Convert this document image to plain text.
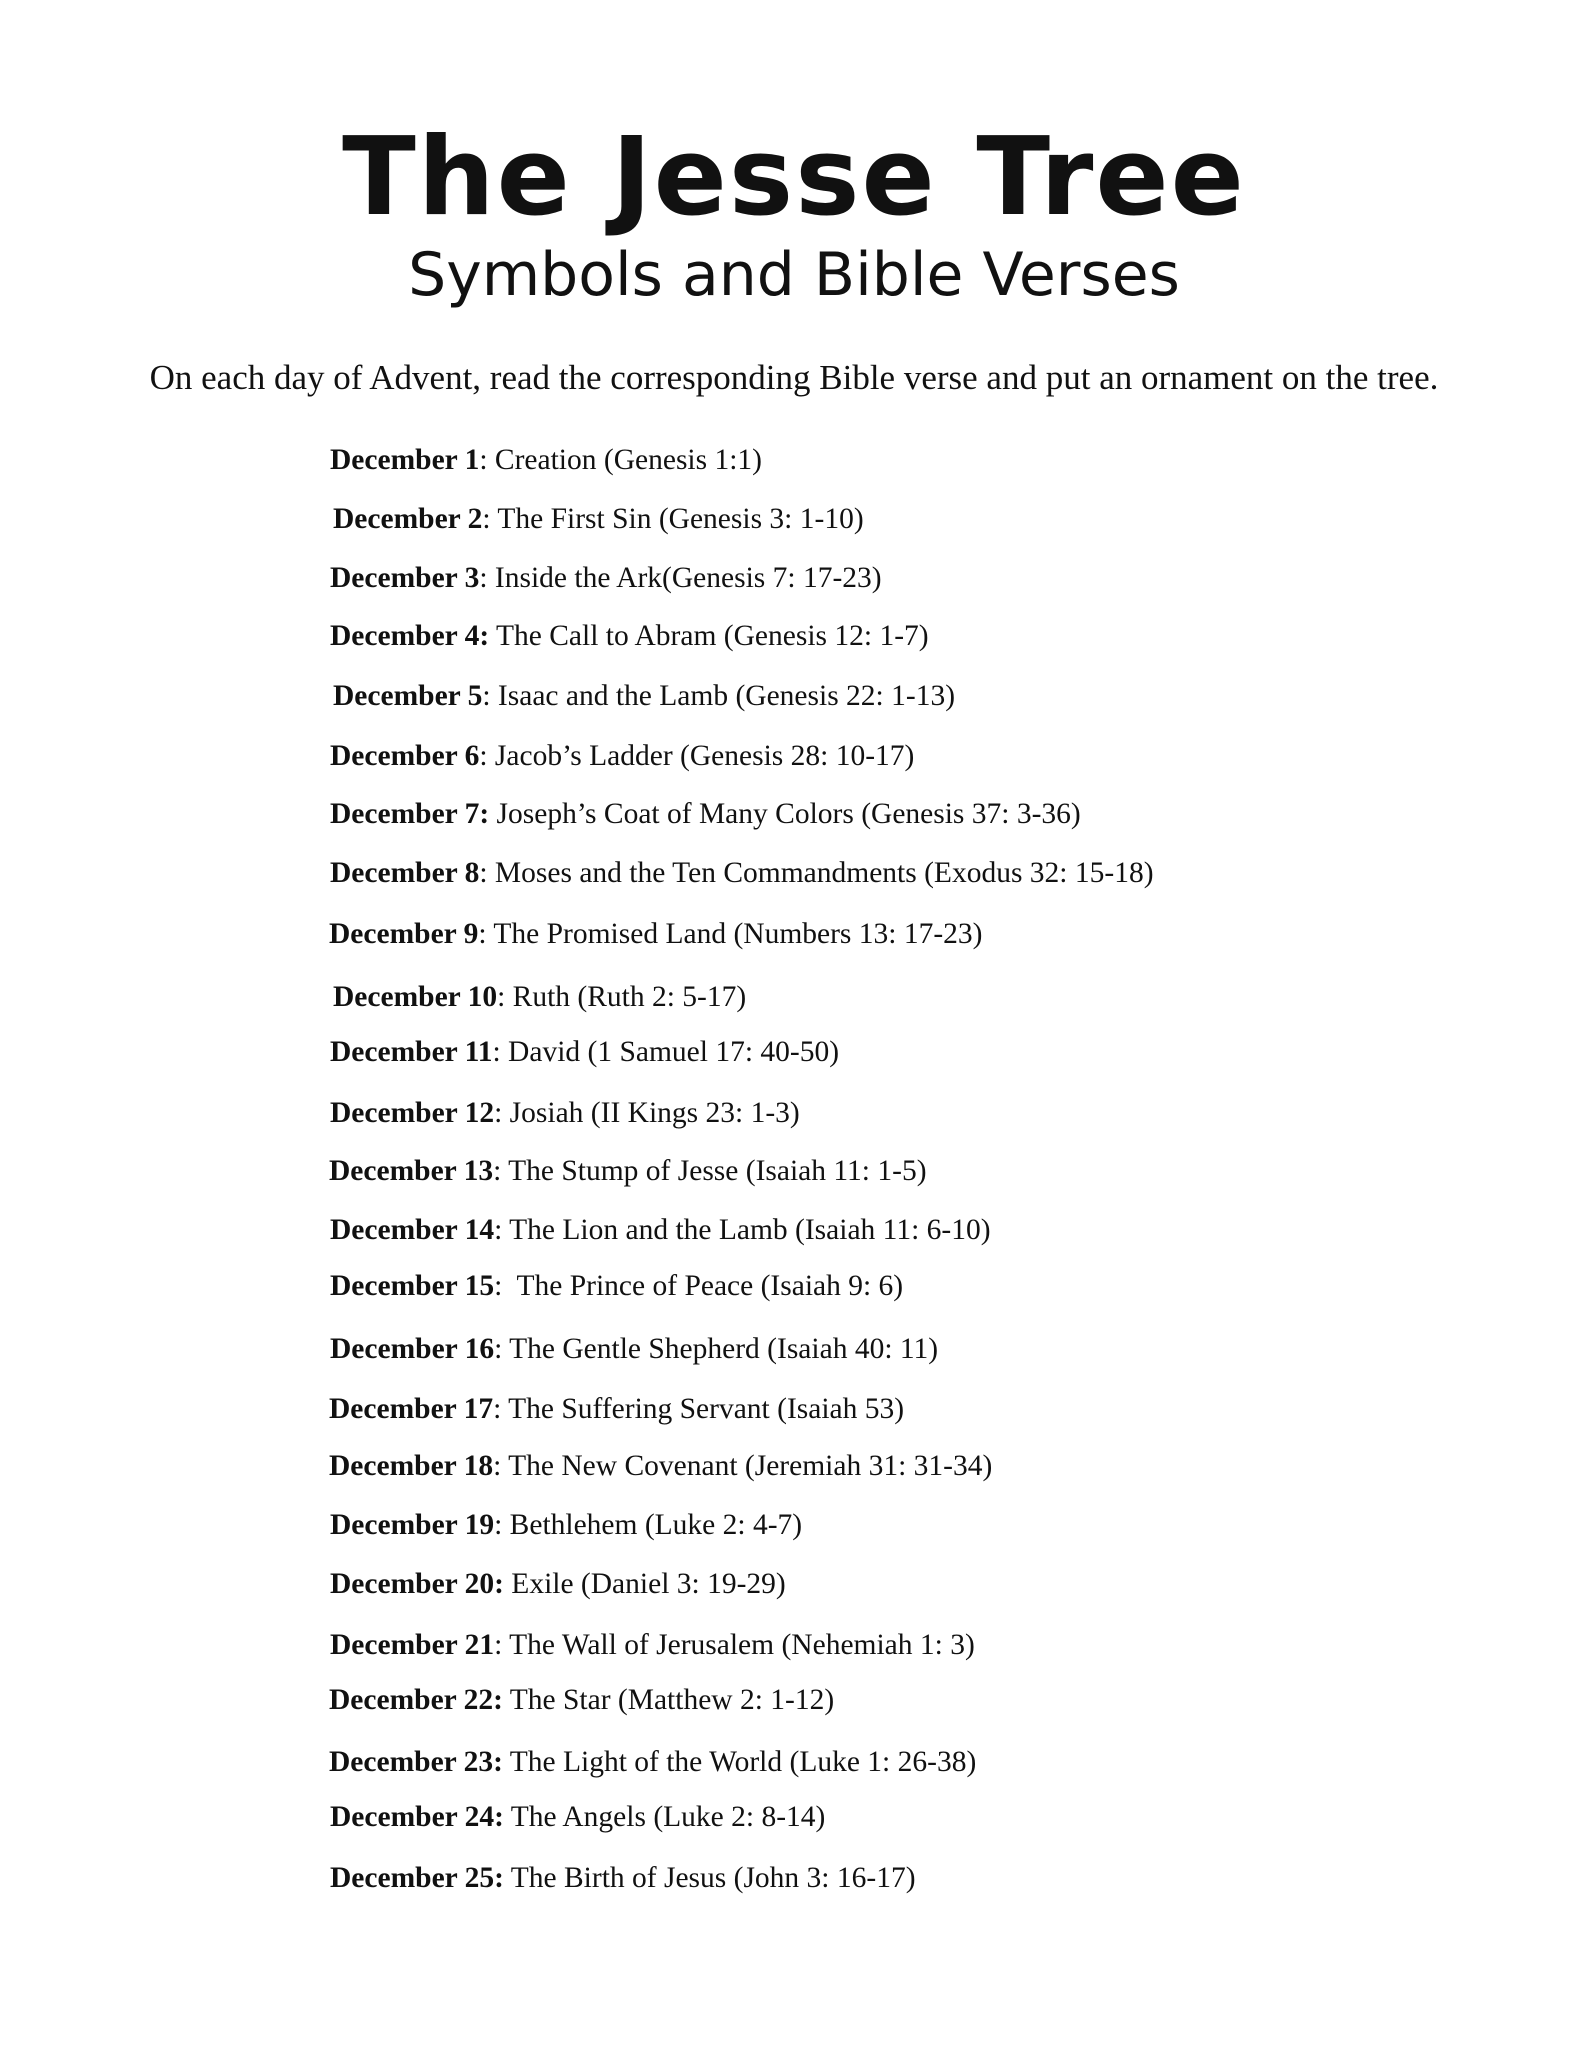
The Jesse Tree
Symbols and Bible Verses

On each day of Advent, read the corresponding Bible verse and put an ornament on the tree.

December 1: Creation (Genesis 1:1)
December 2: The First Sin (Genesis 3: 1-10)
December 3: Inside the Ark(Genesis 7: 17-23)
December 4: The Call to Abram (Genesis 12: 1-7)
December 5: Isaac and the Lamb (Genesis 22: 1-13)
December 6: Jacob’s Ladder (Genesis 28: 10-17)
December 7: Joseph’s Coat of Many Colors (Genesis 37: 3-36)
December 8: Moses and the Ten Commandments (Exodus 32: 15-18)
December 9: The Promised Land (Numbers 13: 17-23)
December 10: Ruth (Ruth 2: 5-17)
December 11: David (1 Samuel 17: 40-50)
December 12: Josiah (II Kings 23: 1-3)
December 13: The Stump of Jesse (Isaiah 11: 1-5)
December 14: The Lion and the Lamb (Isaiah 11: 6-10)
December 15:  The Prince of Peace (Isaiah 9: 6)
December 16: The Gentle Shepherd (Isaiah 40: 11)
December 17: The Suffering Servant (Isaiah 53)
December 18: The New Covenant (Jeremiah 31: 31-34)
December 19: Bethlehem (Luke 2: 4-7)
December 20: Exile (Daniel 3: 19-29)
December 21: The Wall of Jerusalem (Nehemiah 1: 3)
December 22: The Star (Matthew 2: 1-12)
December 23: The Light of the World (Luke 1: 26-38)
December 24: The Angels (Luke 2: 8-14)
December 25: The Birth of Jesus (John 3: 16-17)
